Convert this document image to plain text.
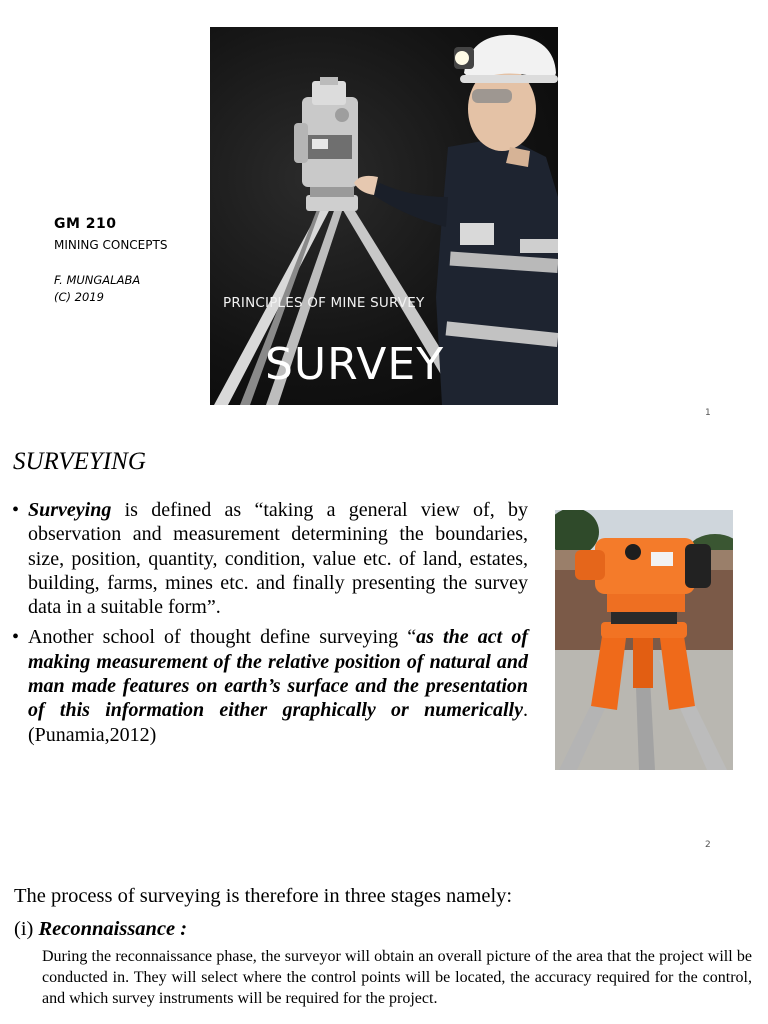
GM 210
MINING CONCEPTS
F. MUNGALABA
(C) 2019	PRINCIPLES OF MINE SURVEY
SURVEY
1
SURVEYING
• Surveying is defined as “taking a general view of, by observation and measurement determining the boundaries, size, position, quantity, condition, value etc. of land, estates, building, farms, mines etc. and finally presenting the survey data in a suitable form”.
• Another school of thought define surveying “as the act of making measurement of the relative position of natural and man made features on earth’s surface and the presentation of this information either graphically or numerically. (Punamia,2012)
2
The process of surveying is therefore in three stages namely:
(i) Reconnaissance :
During the reconnaissance phase, the surveyor will obtain an overall picture of the area that the project will be conducted in. They will select where the control points will be located, the accuracy required for the control, and which survey instruments will be required for the project.
